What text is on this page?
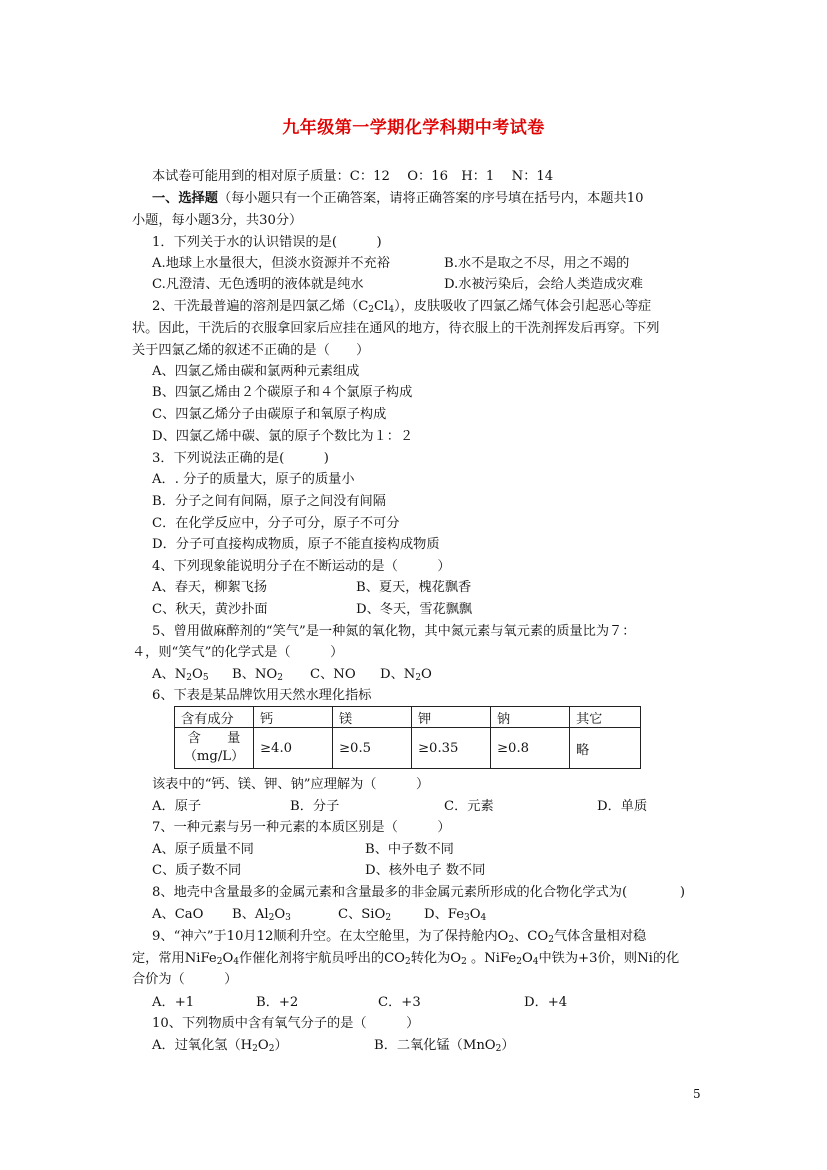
九年级第一学期化学科期中考试卷
本试卷可能用到的相对原子质量：C：12　 O：16　H：1　 N：14
一、选择题（每小题只有一个正确答案，请将正确答案的序号填在括号内，本题共10
小题，每小题3分，共30分）
1．下列关于水的认识错误的是(　　　)
A.地球上水量很大，但淡水资源并不充裕	B.水不是取之不尽，用之不竭的
C.凡澄清、无色透明的液体就是纯水	D.水被污染后，会给人类造成灾难
2、干洗最普遍的溶剂是四氯乙烯$(C_2Cl_4)$，皮肤吸收了四氯乙烯气体会引起恶心等症
状。因此，干洗后的衣服拿回家后应挂在通风的地方，待衣服上的干洗剂挥发后再穿。下列
关于四氯乙烯的叙述不正确的是（　　）
A、四氯乙烯由碳和氯两种元素组成
B、四氯乙烯由２个碳原子和４个氯原子构成
C、四氯乙烯分子由碳原子和氧原子构成
D、四氯乙烯中碳、氯的原子个数比为１：２
3．下列说法正确的是(　　　)
A．. 分子的质量大，原子的质量小
B．分子之间有间隔，原子之间没有间隔
C．在化学反应中，分子可分，原子不可分
D．分子可直接构成物质，原子不能直接构成物质
4、下列现象能说明分子在不断运动的是（　　　）
A、春天，柳絮飞扬	B、夏天，槐花飘香
C、秋天，黄沙扑面	D、冬天，雪花飘飘
5、曾用做麻醉剂的“笑气”是一种氮的氧化物，其中氮元素与氧元素的质量比为７：
４，则“笑气”的化学式是（　　　）
A、$N_2O_5$ B、$NO_2$ C、NO D、$N_2O$
6、下表是某品牌饮用天然水理化指标
含有成分	钙	镁	钾	钠	其它

含　　量
（mg/L）	≥4.0	≥0.5	≥0.35	≥0.8	略
该表中的“钙、镁、钾、钠”应理解为（　　　）
A．原子	B．分子	C．元素	D．单质
7、一种元素与另一种元素的本质区别是（　　　）
A、原子质量不同	B、中子数不同
C、质子数不同	D、核外电子 数不同
8、地壳中含量最多的金属元素和含量最多的非金属元素所形成的化合物化学式为(　　　　)
A、CaO B、$Al_2O_3$	C、SiO$_2$ D、$Fe_3O_4$
9、“神六”于10月12顺利升空。在太空舱里，为了保持舱内$O_2$、$CO_2$气体含量相对稳
定，常用$NiFe_2O_4$作催化剂将宇航员呼出的$CO_2$转化为$O_2$ 。$NiFe_2O_4$中铁为+3价，则Ni的化
合价为（　　　）
A．+1	B．+2	C．+3	D．+4
10、下列物质中含有氧气分子的是（　　　）
A．过氧化氢$(H_2O_2)$	B．二氧化锰（MnO$_2$）
5
